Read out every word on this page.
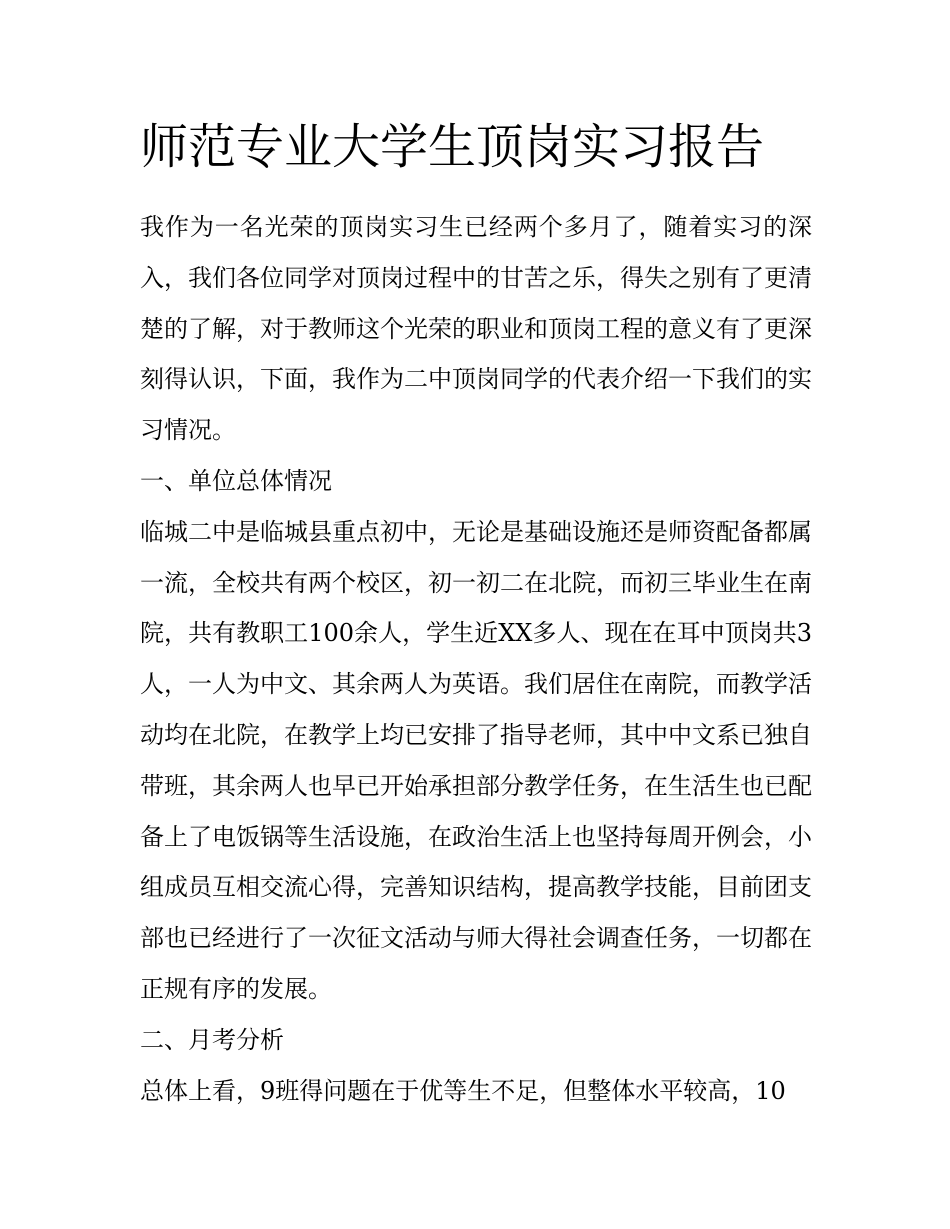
师范专业大学生顶岗实习报告

我作为一名光荣的顶岗实习生已经两个多月了，随着实习的深入，我们各位同学对顶岗过程中的甘苦之乐，得失之别有了更清楚的了解，对于教师这个光荣的职业和顶岗工程的意义有了更深刻得认识，下面，我作为二中顶岗同学的代表介绍一下我们的实习情况。

一、单位总体情况

临城二中是临城县重点初中，无论是基础设施还是师资配备都属一流，全校共有两个校区，初一初二在北院，而初三毕业生在南院，共有教职工100余人，学生近XX多人、现在在耳中顶岗共3人，一人为中文、其余两人为英语。我们居住在南院，而教学活动均在北院，在教学上均已安排了指导老师，其中中文系已独自带班，其余两人也早已开始承担部分教学任务，在生活生也已配备上了电饭锅等生活设施，在政治生活上也坚持每周开例会，小组成员互相交流心得，完善知识结构，提高教学技能，目前团支部也已经进行了一次征文活动与师大得社会调查任务，一切都在正规有序的发展。

二、月考分析

总体上看，9班得问题在于优等生不足，但整体水平较高，10
